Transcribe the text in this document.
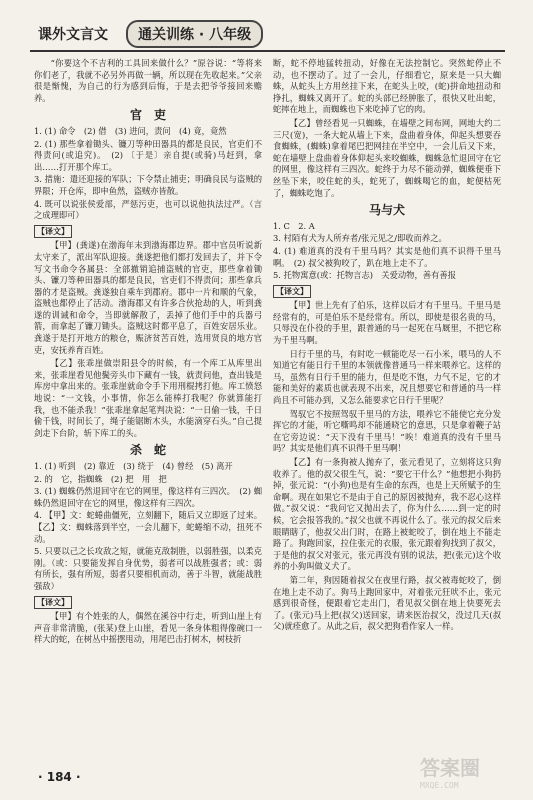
课外文言文	通关训练 · 八年级

“你要这个不吉利的工具回来做什么？”原谷说：“等将来你们老了，我就不必另外再做一辆，所以现在先收起来。”父亲很是惭愧，为自己的行为感到后悔，于是去把爷爷接回来赡养。

官　吏

1. (1) 命令　(2) 借　(3) 进问，责问　(4) 竟，竟然

2. (1) 那些拿着锄头、镰刀等种田器具的都是良民，官吏们不得责问(或追究)。　(2) 〔于是〕亲自提(或骑)马赶到，拿出……打开那个库工。

3. 措施：遣还迎接的军队；下令禁止捕吏；明确良民与盗贼的界限；开仓库，即申鱼然，盗贼亦皆散。

4. 既可以说张侯爱部，严惩污吏，也可以说他执法过严。（言之成理即可）

【译文】

【甲】(龚遂)在渤海年末到渤海郡边界。郡中官员听说新太守来了，派出军队迎接。龚遂把他们都打发回去了，并下令写文书命令各属县：全部撤销追捕盗贼的官吏，那些拿着锄头、镰刀等种田器具的都是良民，官吏们不得责问；那些拿兵器的才是盗贼。龚遂独自乘车到郡府。郡中一片和顺的气象，盗贼也都停止了活动。渤海郡又有许多合伙抢劫的人，听到龚遂的训诫和命令，当即就解散了，丢掉了他们手中的兵器弓箭，而拿起了镰刀锄头。盗贼这时都平息了，百姓安居乐业。龚遂于是打开地方的粮仓，赈济贫苦百姓，选用贤良的地方官吏，安抚养育百姓。

【乙】张乖崖做崇阳县令的时候，有一个库工从库里出来，张乖崖看见他鬓旁头巾下藏有一钱，就责问他，查出钱是库房中拿出来的。张乖崖就命令手下用刑棍拷打他。库工愤怒地说：“一文钱，小事情，你怎么能棒打我呢？你就算能打我，也不能杀我！”张乖崖拿起笔判决说：“一日偷一钱，千日偷千钱，时间长了，绳子能锯断木头，水能滴穿石头。”自己提剑走下台阶，斩下库工的头。

杀　蛇

1. (1) 听到　(2) 靠近　(3) 绕于　(4) 曾经　(5) 离开

2. 的　它，指蜘蛛　(2) 把　用　把

3. (1) 蜘蛛仍然退回守在它的网里，像这样有三四次。　(2) 蜘蛛仍然退回守在它的网里，像这样有三四次。

4. 【甲】文：蛇蜷曲僵死，立刻翻下，随后又立即返了过来。【乙】文：蜘蛛落到半空，一会儿翻下，蛇蜷缩不动，扭死不动。

5. 只要以己之长攻敌之短，就能克敌制胜，以弱胜强，以柔克刚。（或：只要能发挥自身优势，弱者可以战胜强者；或：弱有所长，强有所短，弱者只要相机而动，善于斗智，就能战胜强敌）

【译文】

【甲】有个姓张的人，偶然在溪谷中行走，听到山崖上有声音非常清脆，(张某)登上山崖，看见一条身体粗得像碗口一样大的蛇，在树丛中摇摆甩动，用尾巴击打树木，树枝折

断，蛇不停地猛转扭动，好像在无法控制它。突然蛇停止不动，也不摆动了。过了一会儿，仔细看它，原来是一只大蜘蛛，从蛇头上方用丝挂下来，在蛇头上咬，(蛇)拼命地扭动和挣扎，蜘蛛又离开了。蛇的头部已经肿胀了，很快又吐出蛇，蛇摔在地上，而蜘蛛也下来吃掉了它的肉。

【乙】曾经看见一只蜘蛛，在墙壁之间布网，网地大约二三尺(宽)，一条大蛇从墙上下来，盘曲着身体，仰起头想要吞食蜘蛛，(蜘蛛)拿着尾巴把网挂在半空中，一会儿后又下来，蛇在墙壁上盘曲着身体仰起头来咬蜘蛛，蜘蛛急忙退回守在它的网里，像这样有三四次。蛇终于力尽不能动弹，蜘蛛便垂下丝坠下来，咬住蛇的头，蛇死了，蜘蛛喝它的血，蛇便枯死了，蜘蛛吃饱了。

马与犬

1. C　2. A

3. 村陌有犬为人所弃者/张元见之/即收而养之。

4. (1) 难道真的没有千里马吗？其实是他们真不识得千里马啊。　(2) 叔父被狗咬了，趴在地上走不了。

5. 托物寓意(或：托物言志)　关爱动物，善有善报

【译文】

【甲】世上先有了伯乐，这样以后才有千里马。千里马是经常有的，可是伯乐不是经常有。所以，即使是很名贵的马，只辱没在仆役的手里，跟普通的马一起死在马厩里，不把它称为千里马啊。

日行千里的马，有时吃一顿能吃尽一石小米，喂马的人不知道它有能日行千里的本领就像普通马一样来喂养它。这样的马，虽然有日行千里的能力，但是吃不饱，力气不足，它的才能和美好的素质也就表现不出来，况且想要它和普通的马一样尚且不可能办到，又怎么能要求它日行千里呢？

驾驭它不按照驾驭千里马的方法，喂养它不能使它充分发挥它的才能，听它嘶鸣却不能通晓它的意思，只是拿着鞭子站在它旁边说：“天下没有千里马！”唉！难道真的没有千里马吗？其实是他们真不识得千里马啊！

【乙】有一条狗被人抛弃了，张元看见了，立刻将这只狗收养了。他的叔父很生气，说：“要它干什么？”他想把小狗扔掉，张元说：“(小狗)也是有生命的东西，也是上天所赋予的生命啊。现在如果它不是由于自己的原因被抛弃，我不忍心这样做。”叔父说：“我问它又抛出去了，你为什么……到一定的时候，它会报答我的。”叔父也就不再说什么了。张元的叔父后来眼睛瞎了，他叔父出门时，在路上被蛇咬了，倒在地上不能走路了。狗跑回家，拉住张元的衣服，张元跟着狗找到了叔父，于是他的叔父对张元，张元再没有别的说法，把(张元)这个收养的小狗叫做义犬了。

第二年，狗因随着叔父在夜里行路，叔父被毒蛇咬了，倒在地上走不动了。狗马上跑回家中，对着张元狂吠不止，张元感到很奇怪，便跟着它走出门，看见叔父倒在地上快要死去了。(张元)马上把(叔父)送回家，请来医治叔父，没过几天(叔父)就痊愈了。从此之后，叔父把狗看作家人一样。

· 184 ·	答案圈
MXQE.COM
